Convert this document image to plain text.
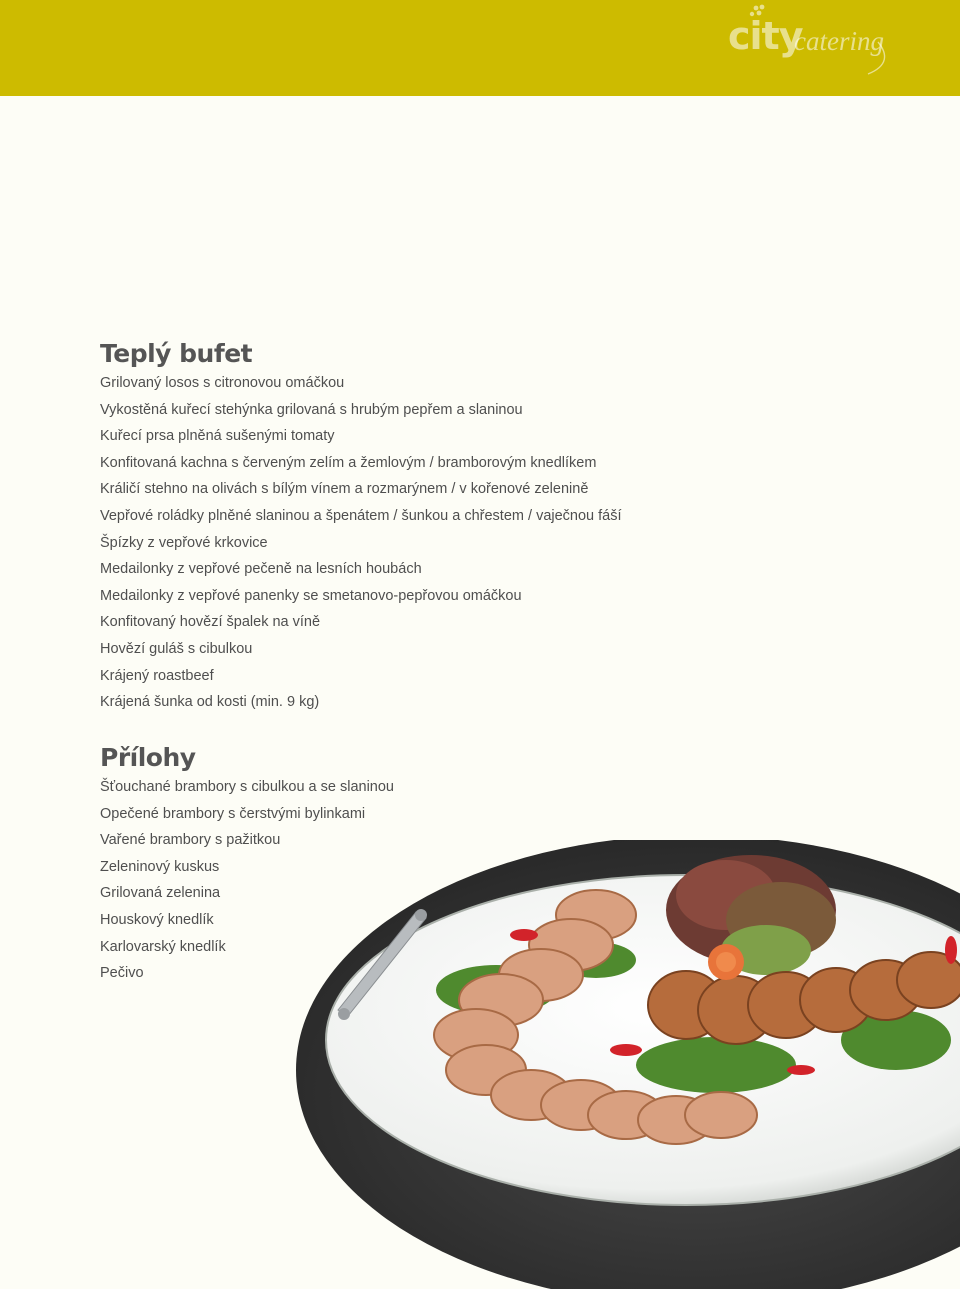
city
catering
Teplý bufet
Grilovaný losos s citronovou omáčkou
Vykostěná kuřecí stehýnka grilovaná s hrubým pepřem a slaninou
Kuřecí prsa plněná sušenými tomaty
Konfitovaná kachna s červeným zelím a žemlovým / bramborovým knedlíkem
Králičí stehno na olivách s bílým vínem a rozmarýnem / v kořenové zelenině
Vepřové roládky plněné slaninou a špenátem / šunkou a chřestem / vaječnou fáší
Špízky z vepřové krkovice
Medailonky z vepřové pečeně na lesních houbách
Medailonky z vepřové panenky se smetanovo-pepřovou omáčkou
Konfitovaný hovězí špalek na víně
Hovězí guláš s cibulkou
Krájený roastbeef
Krájená šunka od kosti (min. 9 kg)
Přílohy
Šťouchané brambory s cibulkou a se slaninou
Opečené brambory s čerstvými bylinkami
Vařené brambory s pažitkou
Zeleninový kuskus
Grilovaná zelenina
Houskový knedlík
Karlovarský knedlík
Pečivo
